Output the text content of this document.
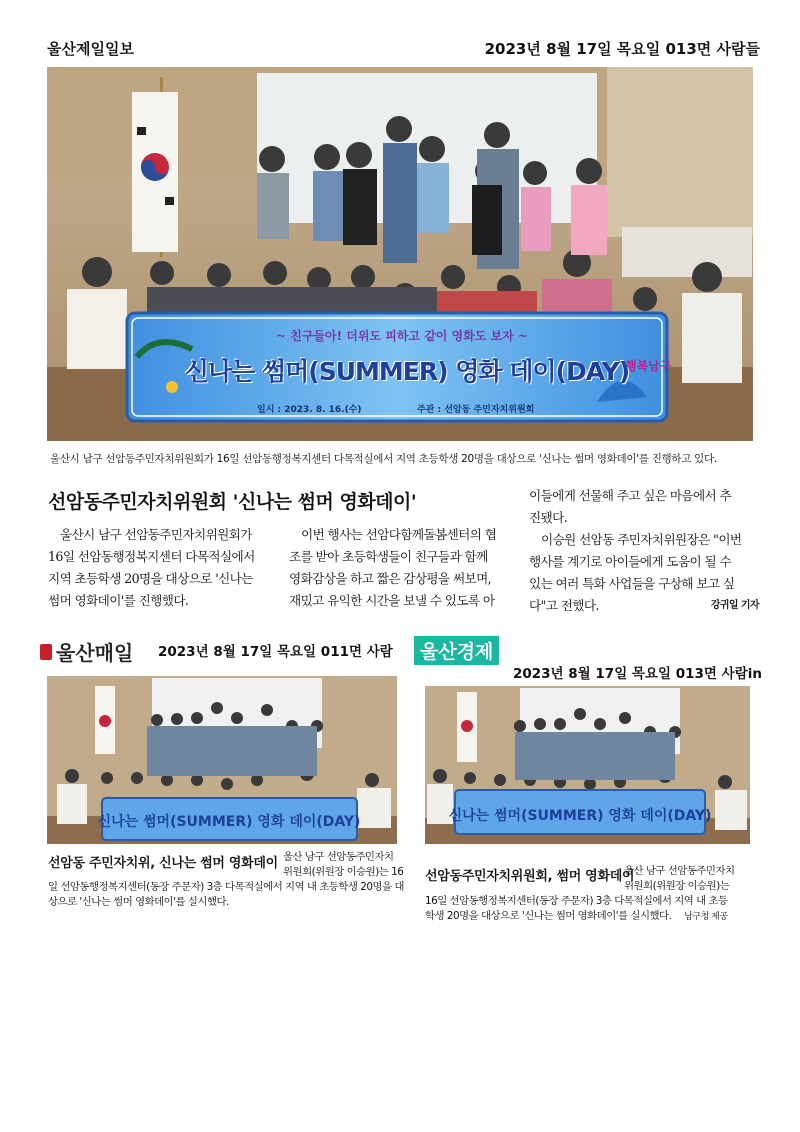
울산제일일보	2023년 8월 17일 목요일 013면 사람들
~ 친구들아! 더위도 피하고 같이 영화도 보자 ~
신나는 썸머(SUMMER) 영화 데이(DAY)
일시 : 2023. 8. 16.(수)	주관 : 선암동 주민자치위원회
행복남구
울산시 남구 선암동주민자치위원회가 16일 선암동행정복지센터 다목적실에서 지역 초등학생 20명을 대상으로 '신나는 썸머 영화데이'를 진행하고 있다.
선암동주민자치위원회 '신나는 썸머 영화데이'

울산시 남구 선암동주민자치위원회가

16일 선암동행정복지센터 다목적실에서

지역 초등학생 20명을 대상으로 '신나는

썸머 영화데이'를 진행했다.

이번 행사는 선암다함께돌봄센터의 협

조를 받아 초등학생들이 친구들과 함께

영화감상을 하고 짧은 감상평을 써보며,

재밌고 유익한 시간을 보낼 수 있도록 아

이들에게 선물해 주고 싶은 마음에서 추

진됐다.

이승원 선암동 주민자치위원장은 "이번

행사를 계기로 아이들에게 도움이 될 수

있는 여러 특화 사업들을 구상해 보고 싶

다"고 전했다.	강귀일 기자

울산매일 2023년 8월 17일 목요일 011면 사람	울산경제
2023년 8월 17일 목요일 013면 사람in
신나는 썸머(SUMMER) 영화 데이(DAY)	신나는 썸머(SUMMER) 영화 데이(DAY)
선암동 주민자치위, 신나는 썸머 영화데이 울산 남구 선암동주민자치
위원회(위원장 이승원)는 16
일 선암동행정복지센터(동장 주문자) 3층 다목적실에서 지역 내 초등학생 20명을 대
상으로 '신나는 썸머 영화데이'를 실시했다.
선암동주민자치위원회, 썸머 영화데이
울산 남구 선암동주민자치
위원회(위원장 이승원)는
16일 선암동행정복지센터(동장 주문자) 3층 다목적실에서 지역 내 초등
학생 20명을 대상으로 '신나는 썸머 영화데이'를 실시했다. 남구청 제공
